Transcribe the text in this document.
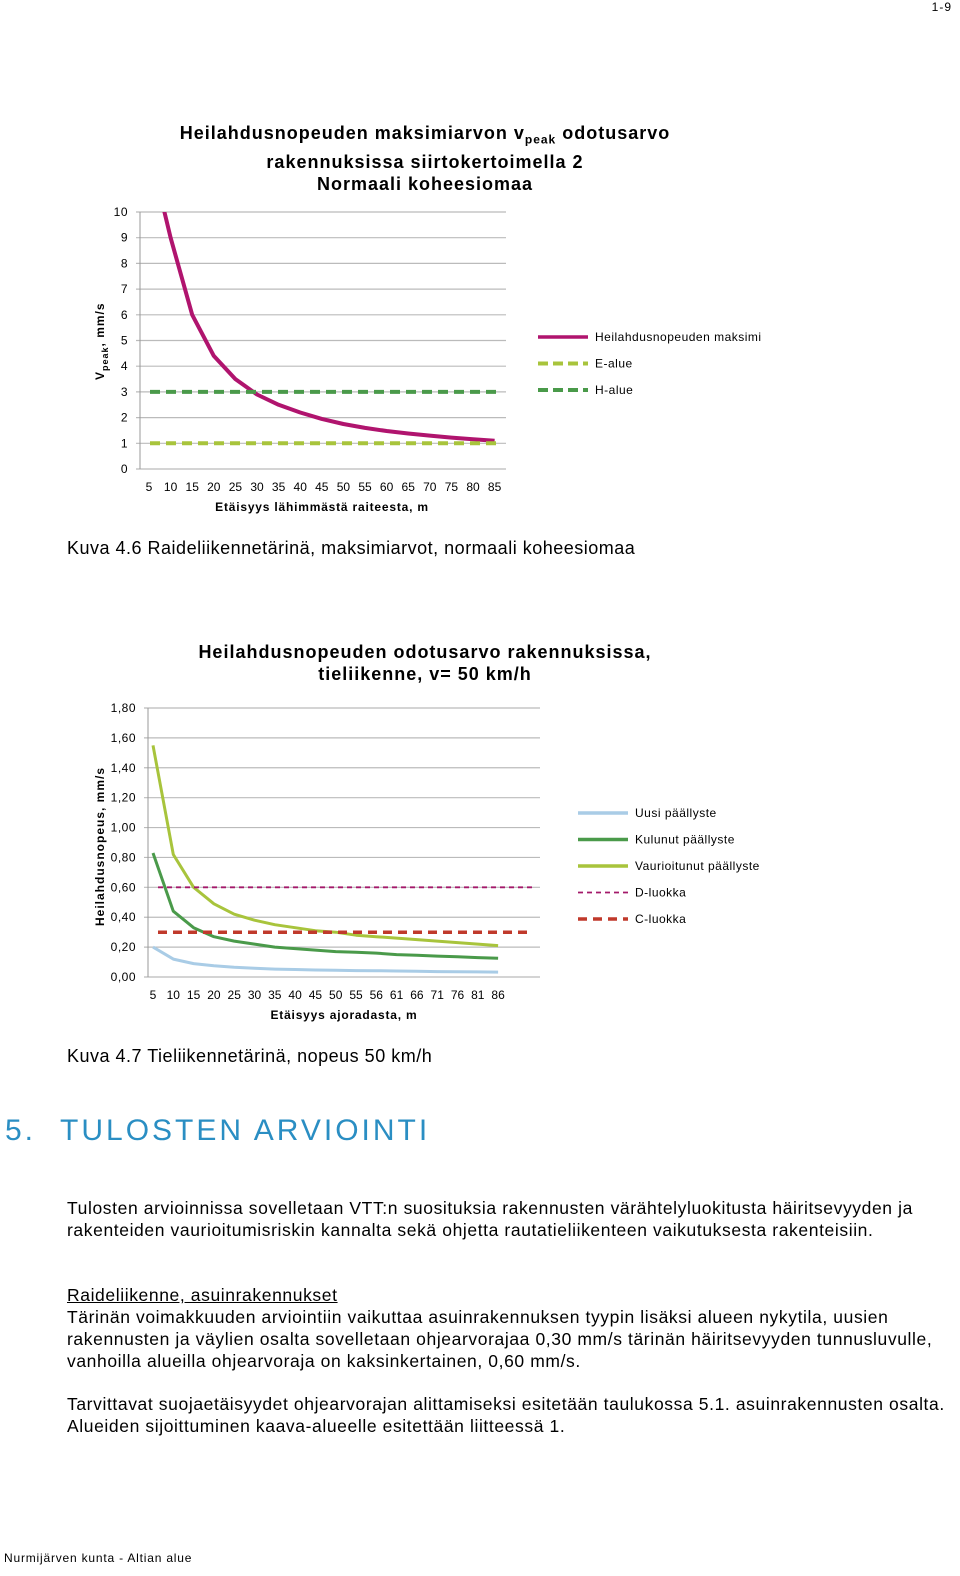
1-9
Heilahdusnopeuden maksimiarvon $v_{peak}$ odotusarvo
rakennuksissa siirtokertoimella 2
Normaali koheesiomaa
0
1
2
3
4
5
6
7
8
9
10
5 10 15 20 25 30 35 40 45 50 55 60 65 70 75 80 85
Etäisyys lähimmästä raiteesta, m
Heilahdusnopeuden maksimi
E-alue
H-alue
$V_{peak}$, mm/s
Kuva 4.6 Raideliikennetärinä, maksimiarvot, normaali koheesiomaa
Heilahdusnopeuden odotusarvo rakennuksissa,
tieliikenne, v= 50 km/h
0,00
0,20
0,40
0,60
0,80
1,00
1,20
1,40
1,60
1,80
5 10 15 20 25 30 35 40 45 50 55 56 61 66 71 76 81 86
Etäisyys ajoradasta, m
Uusi päällyste
Kulunut päällyste
Vaurioitunut päällyste
D-luokka
C-luokka
Heilahdusnopeus, mm/s
Kuva 4.7 Tieliikennetärinä, nopeus 50 km/h
5. TULOSTEN ARVIOINTI
Tulosten arvioinnissa sovelletaan VTT:n suosituksia rakennusten värähtelyluokitusta häiritsevyyden ja rakenteiden vaurioitumisriskin kannalta sekä ohjetta rautatieliikenteen vaikutuksesta rakenteisiin.
Raideliikenne, asuinrakennukset
Tärinän voimakkuuden arviointiin vaikuttaa asuinrakennuksen tyypin lisäksi alueen nykytila, uusien rakennusten ja väylien osalta sovelletaan ohjearvorajaa 0,30 mm/s tärinän häiritsevyyden tunnusluvulle, vanhoilla alueilla ohjearvoraja on kaksinkertainen, 0,60 mm/s.
Tarvittavat suojaetäisyydet ohjearvorajan alittamiseksi esitetään taulukossa 5.1. asuinrakennusten osalta. Alueiden sijoittuminen kaava-alueelle esitettään liitteessä 1.
Nurmijärven kunta - Altian alue
